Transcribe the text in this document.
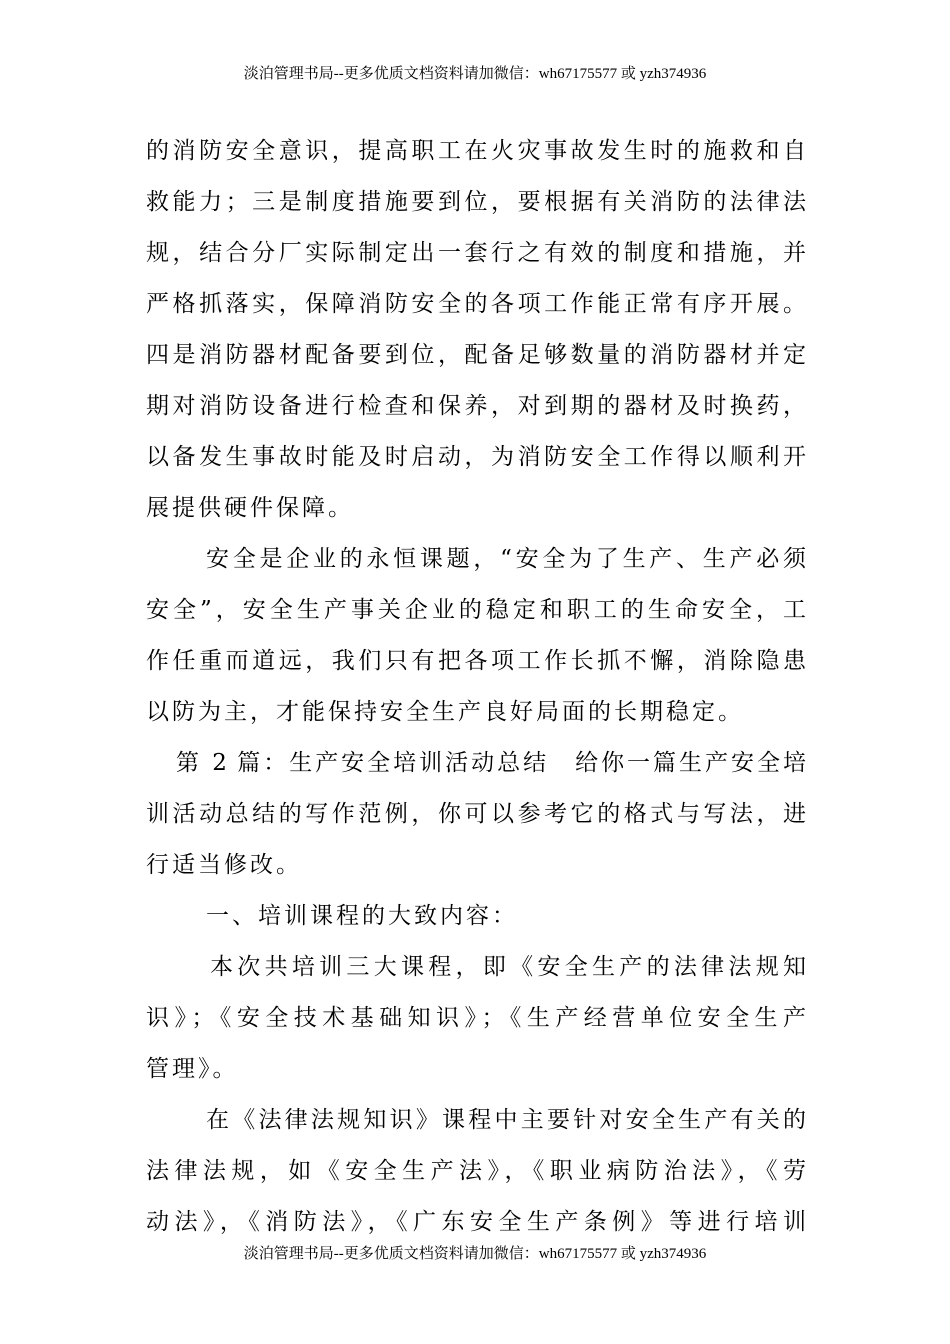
淡泊管理书局--更多优质文档资料请加微信：wh67175577 或 yzh374936
的消防安全意识，提高职工在火灾事故发生时的施救和自
救能力；三是制度措施要到位，要根据有关消防的法律法
规，结合分厂实际制定出一套行之有效的制度和措施，并
严格抓落实，保障消防安全的各项工作能正常有序开展。
四是消防器材配备要到位，配备足够数量的消防器材并定
期对消防设备进行检查和保养，对到期的器材及时换药，
以备发生事故时能及时启动，为消防安全工作得以顺利开
展提供硬件保障。
安全是企业的永恒课题，“安全为了生产、生产必须
安全”，安全生产事关企业的稳定和职工的生命安全，工
作任重而道远，我们只有把各项工作长抓不懈，消除隐患
以防为主，才能保持安全生产良好局面的长期稳定。
第 2 篇：生产安全培训活动总结　给你一篇生产安全培
训活动总结的写作范例，你可以参考它的格式与写法，进
行适当修改。
一、培训课程的大致内容：
本次共培训三大课程，即《安全生产的法律法规知
识》；《安全技术基础知识》；《生产经营单位安全生产
管理》。
在《法律法规知识》课程中主要针对安全生产有关的
法律法规，如《安全生产法》，《职业病防治法》，《劳
动法》，《消防法》，《广东安全生产条例》等进行培训
淡泊管理书局--更多优质文档资料请加微信：wh67175577 或 yzh374936
